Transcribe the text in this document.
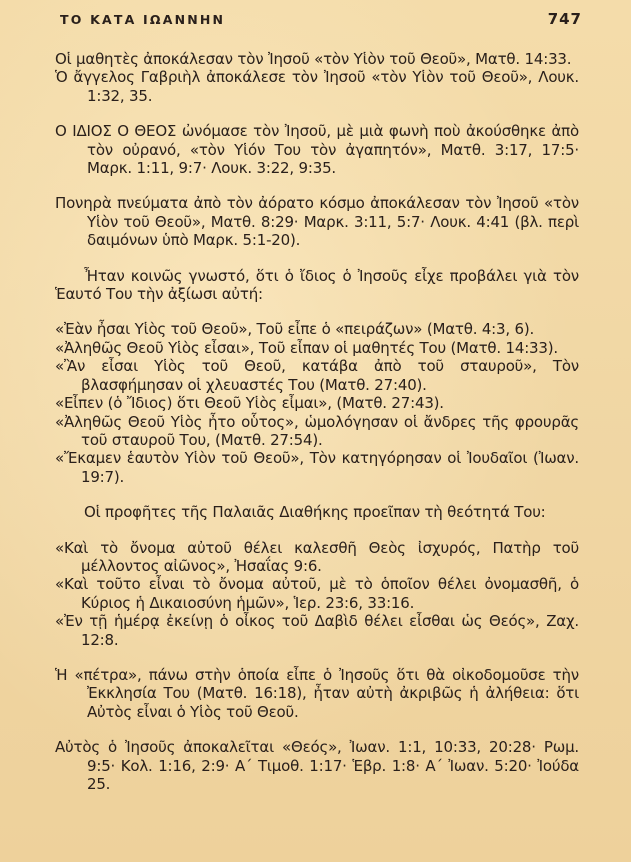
ΤΟ ΚΑΤΑ ΙΩΑΝΝΗΝ	747

Οἱ μαθητὲς ἀποκάλεσαν τὸν Ἰησοῦ «τὸν Υἱὸν τοῦ Θεοῦ», Ματθ. 14:33.

Ὁ ἄγγελος Γαβριὴλ ἀποκάλεσε τὸν Ἰησοῦ «τὸν Υἱὸν τοῦ Θεοῦ», Λουκ. 1:32, 35.

Ο ΙΔΙΟΣ Ο ΘΕΟΣ ὠνόμασε τὸν Ἰησοῦ, μὲ μιὰ φωνὴ ποὺ ἀκούσθηκε ἀπὸ τὸν οὐρανό, «τὸν Υἱόν Του τὸν ἀγαπητόν», Ματθ. 3:17, 17:5· Μαρκ. 1:11, 9:7· Λουκ. 3:22, 9:35.

Πονηρὰ πνεύματα ἀπὸ τὸν ἀόρατο κόσμο ἀποκάλεσαν τὸν Ἰησοῦ «τὸν Υἱὸν τοῦ Θεοῦ», Ματθ. 8:29· Μαρκ. 3:11, 5:7· Λουκ. 4:41 (βλ. περὶ δαιμόνων ὑπὸ Μαρκ. 5:1-20).

Ἦταν κοινῶς γνωστό, ὅτι ὁ ἴδιος ὁ Ἰησοῦς εἶχε προβάλει γιὰ τὸν Ἑαυτό Του τὴν ἀξίωσι αὐτή:

«Ἐὰν ἦσαι Υἱὸς τοῦ Θεοῦ», Τοῦ εἶπε ὁ «πειράζων» (Ματθ. 4:3, 6).

«Ἀληθῶς Θεοῦ Υἱὸς εἶσαι», Τοῦ εἶπαν οἱ μαθητές Του (Ματθ. 14:33).

«Ἂν εἶσαι Υἱὸς τοῦ Θεοῦ, κατάβα ἀπὸ τοῦ σταυροῦ», Τὸν βλασφήμησαν οἱ χλευαστές Του (Ματθ. 27:40).

«Εἶπεν (ὁ Ἴδιος) ὅτι Θεοῦ Υἱὸς εἶμαι», (Ματθ. 27:43).

«Ἀληθῶς Θεοῦ Υἱὸς ἦτο οὗτος», ὡμολόγησαν οἱ ἄνδρες τῆς φρουρᾶς τοῦ σταυροῦ Του, (Ματθ. 27:54).

«Ἔκαμεν ἑαυτὸν Υἱὸν τοῦ Θεοῦ», Τὸν κατηγόρησαν οἱ Ἰουδαῖοι (Ἰωαν. 19:7).

Οἱ προφῆτες τῆς Παλαιᾶς Διαθήκης προεῖπαν τὴ θεότητά Του:

«Καὶ τὸ ὄνομα αὐτοῦ θέλει καλεσθῆ Θεὸς ἰσχυρός, Πατὴρ τοῦ μέλλοντος αἰῶνος», Ἠσαΐας 9:6.

«Καὶ τοῦτο εἶναι τὸ ὄνομα αὐτοῦ, μὲ τὸ ὁποῖον θέλει ὀνομασθῆ, ὁ Κύριος ἡ Δικαιοσύνη ἡμῶν», Ἱερ. 23:6, 33:16.

«Ἐν τῇ ἡμέρᾳ ἐκείνῃ ὁ οἶκος τοῦ Δαβὶδ θέλει εἶσθαι ὡς Θεός», Ζαχ. 12:8.

Ἡ «πέτρα», πάνω στὴν ὁποία εἶπε ὁ Ἰησοῦς ὅτι θὰ οἰκοδομοῦσε τὴν Ἐκκλησία Του (Ματθ. 16:18), ἦταν αὐτὴ ἀκριβῶς ἡ ἀλήθεια: ὅτι Αὐτὸς εἶναι ὁ Υἱὸς τοῦ Θεοῦ.

Αὐτὸς ὁ Ἰησοῦς ἀποκαλεῖται «Θεός», Ἰωαν. 1:1, 10:33, 20:28· Ρωμ. 9:5· Κολ. 1:16, 2:9· Α´ Τιμοθ. 1:17· Ἑβρ. 1:8· Α´ Ἰωαν. 5:20· Ἰούδα 25.
